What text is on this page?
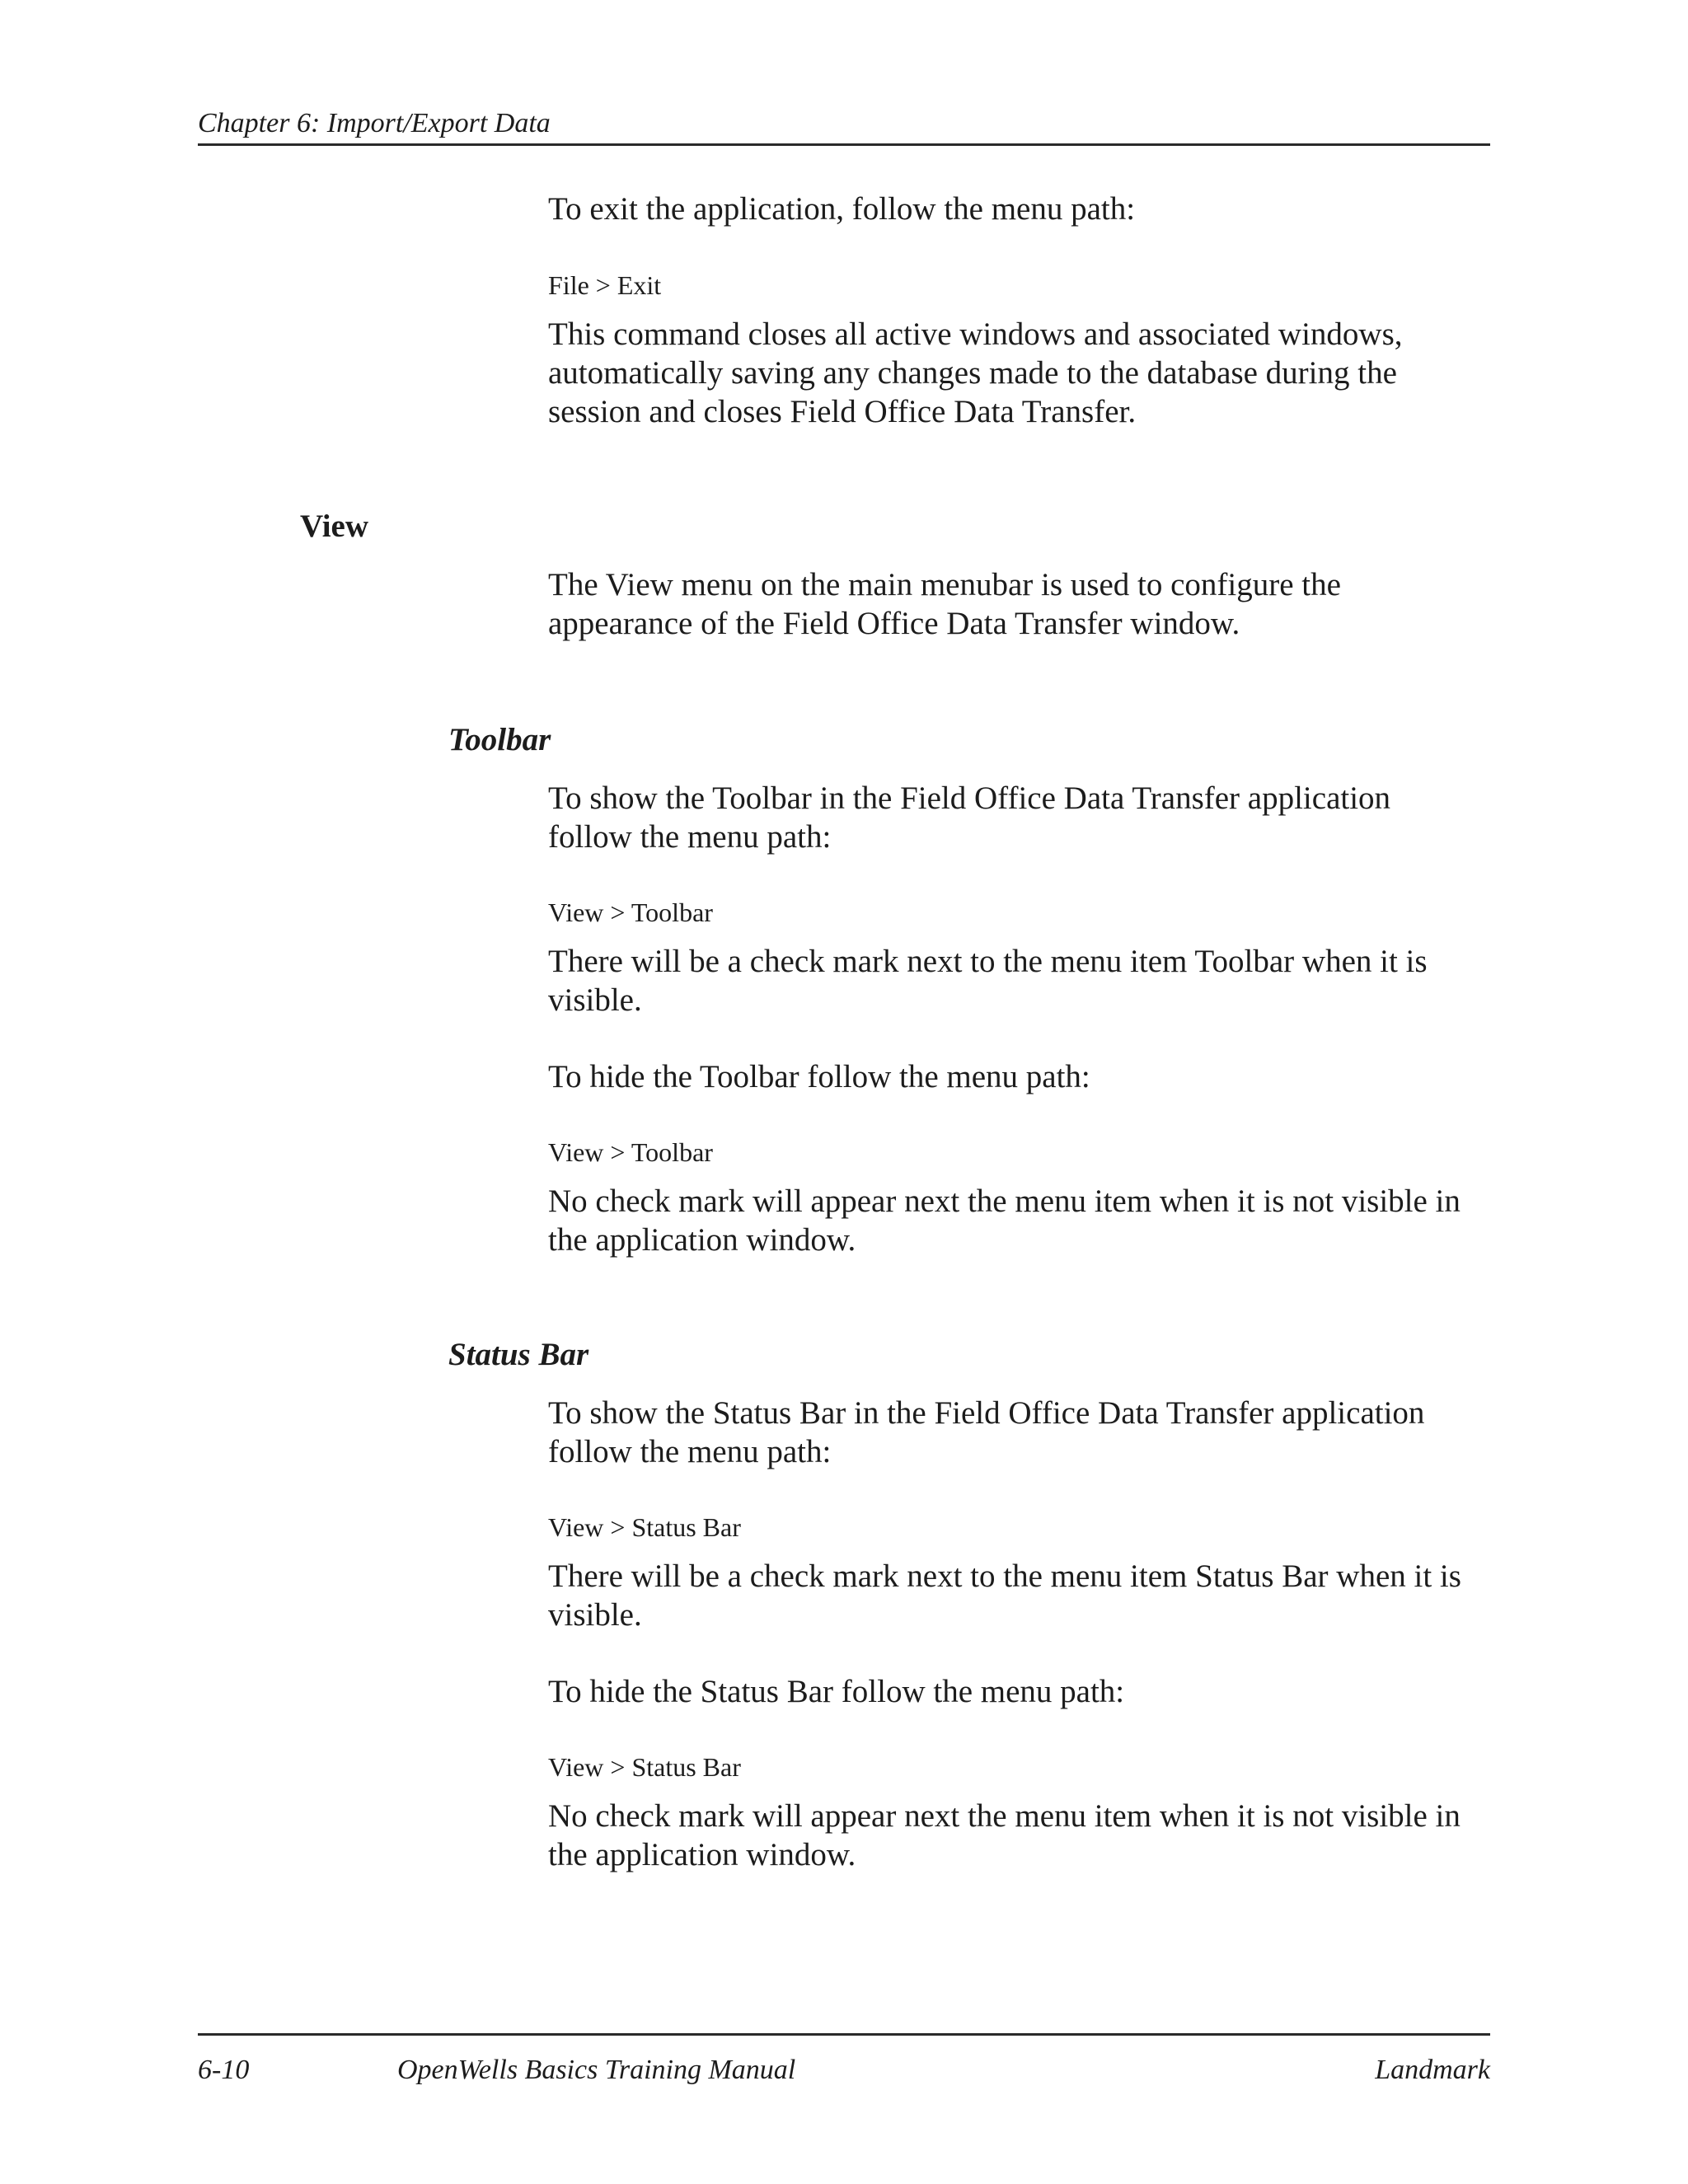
Chapter 6: Import/Export Data

To exit the application, follow the menu path:

File > Exit

This command closes all active windows and associated windows,
automatically saving any changes made to the database during the
session and closes Field Office Data Transfer.
View
The View menu on the main menubar is used to configure the
appearance of the Field Office Data Transfer window.
Toolbar
To show the Toolbar in the Field Office Data Transfer application
follow the menu path:

View > Toolbar

There will be a check mark next to the menu item Toolbar when it is
visible.

To hide the Toolbar follow the menu path:

View > Toolbar

No check mark will appear next the menu item when it is not visible in
the application window.
Status Bar
To show the Status Bar in the Field Office Data Transfer application
follow the menu path:

View > Status Bar

There will be a check mark next to the menu item Status Bar when it is
visible.

To hide the Status Bar follow the menu path:

View > Status Bar

No check mark will appear next the menu item when it is not visible in
the application window.
6-10	OpenWells Basics Training Manual	Landmark
